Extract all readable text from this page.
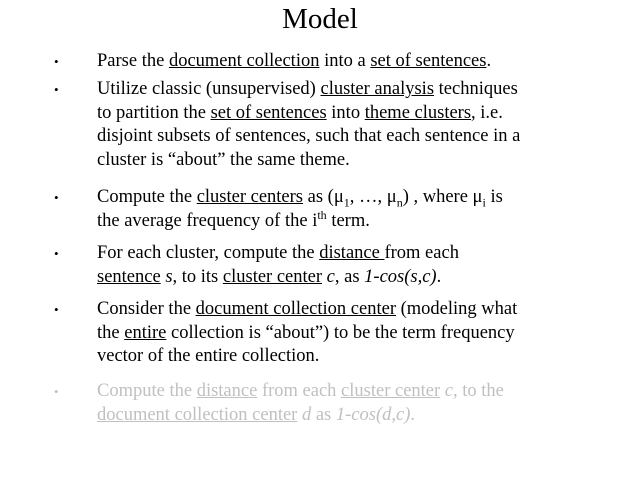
Model
•	Parse the document collection into a set of sentences.
•	Utilize classic (unsupervised) cluster analysis techniques
to partition the set of sentences into theme clusters, i.e.
disjoint subsets of sentences, such that each sentence in a
cluster is “about” the same theme.
•	Compute the cluster centers as ($\mu_1$, …, $\mu_n$) , where $\mu_i$ is
the average frequency of the $i^{th}$ term.
•	For each cluster, compute the distance from each
sentence s, to its cluster center c, as 1-cos(s,c).
•	Consider the document collection center (modeling what
the entire collection is “about”) to be the term frequency
vector of the entire collection.
•	Compute the distance from each cluster center c, to the
document collection center d as 1-cos(d,c).
